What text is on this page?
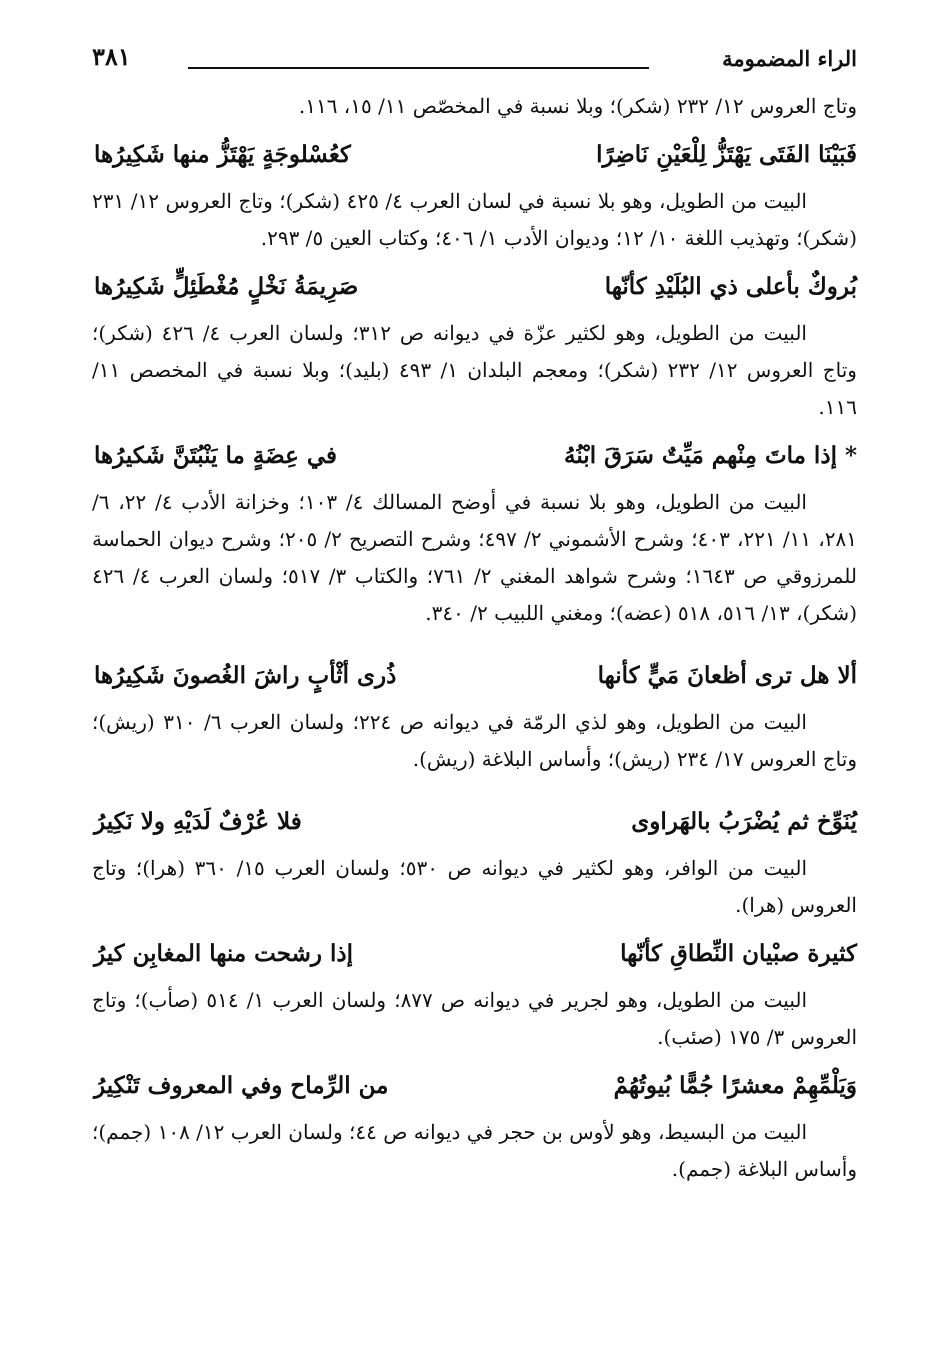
الراء المضمومة
٣٨١
وتاج العروس ١٢/ ٢٣٢ (شكر)؛ وبلا نسبة في المخصّص ١١/ ١٥، ١١٦.
فَبَيْنَا الفَتَى يَهْتَزُّ لِلْعَيْنِ نَاضِرًا
كعُسْلوجَةٍ يَهْتَزُّ منها شَكِيرُها
البيت من الطويل، وهو بلا نسبة في لسان العرب ٤/ ٤٢٥ (شكر)؛ وتاج العروس ١٢/ ٢٣١ (شكر)؛ وتهذيب اللغة ١٠/ ١٢؛ وديوان الأدب ١/ ٤٠٦؛ وكتاب العين ٥/ ٢٩٣.
بُروكٌ بأعلى ذي البُلَيْدِ كأنّها
صَرِيمَةُ نَخْلٍ مُغْطَئِلٍّ شَكِيرُها
البيت من الطويل، وهو لكثير عزّة في ديوانه ص ٣١٢؛ ولسان العرب ٤/ ٤٢٦ (شكر)؛ وتاج العروس ١٢/ ٢٣٢ (شكر)؛ ومعجم البلدان ١/ ٤٩٣ (بليد)؛ وبلا نسبة في المخصص ١١/ ١١٦.
* إذا ماتَ مِنْهم مَيِّتٌ سَرَقَ ابْنُهُ
في عِضَةٍ ما يَنْبُتَنَّ شَكيرُها
البيت من الطويل، وهو بلا نسبة في أوضح المسالك ٤/ ١٠٣؛ وخزانة الأدب ٤/ ٢٢، ٦/ ٢٨١، ١١/ ٢٢١، ٤٠٣؛ وشرح الأشموني ٢/ ٤٩٧؛ وشرح التصريح ٢/ ٢٠٥؛ وشرح ديوان الحماسة للمرزوقي ص ١٦٤٣؛ وشرح شواهد المغني ٢/ ٧٦١؛ والكتاب ٣/ ٥١٧؛ ولسان العرب ٤/ ٤٢٦ (شكر)، ١٣/ ٥١٦، ٥١٨ (عضه)؛ ومغني اللبيب ٢/ ٣٤٠.
ألا هل ترى أظعانَ مَيٍّ كأنها
ذُرى أثْأبٍ راشَ الغُصونَ شَكِيرُها
البيت من الطويل، وهو لذي الرمّة في ديوانه ص ٢٢٤؛ ولسان العرب ٦/ ٣١٠ (ريش)؛ وتاج العروس ١٧/ ٢٣٤ (ريش)؛ وأساس البلاغة (ريش).
يُنَوِّخ ثم يُضْرَبُ بالهَراوى
فلا عُرْفٌ لَدَيْهِ ولا نَكِيرُ
البيت من الوافر، وهو لكثير في ديوانه ص ٥٣٠؛ ولسان العرب ١٥/ ٣٦٠ (هرا)؛ وتاج العروس (هرا).
كثيرة صبْيان النِّطاقِ كأنّها
إذا رشحت منها المغابِن كيرُ
البيت من الطويل، وهو لجرير في ديوانه ص ٨٧٧؛ ولسان العرب ١/ ٥١٤ (صأب)؛ وتاج العروس ٣/ ١٧٥ (صئب).
وَيَلْمِّهِمْ معشرًا جُمًّا بُيوتُهُمْ
من الرِّماح وفي المعروف تَنْكِيرُ
البيت من البسيط، وهو لأوس بن حجر في ديوانه ص ٤٤؛ ولسان العرب ١٢/ ١٠٨ (جمم)؛ وأساس البلاغة (جمم).
